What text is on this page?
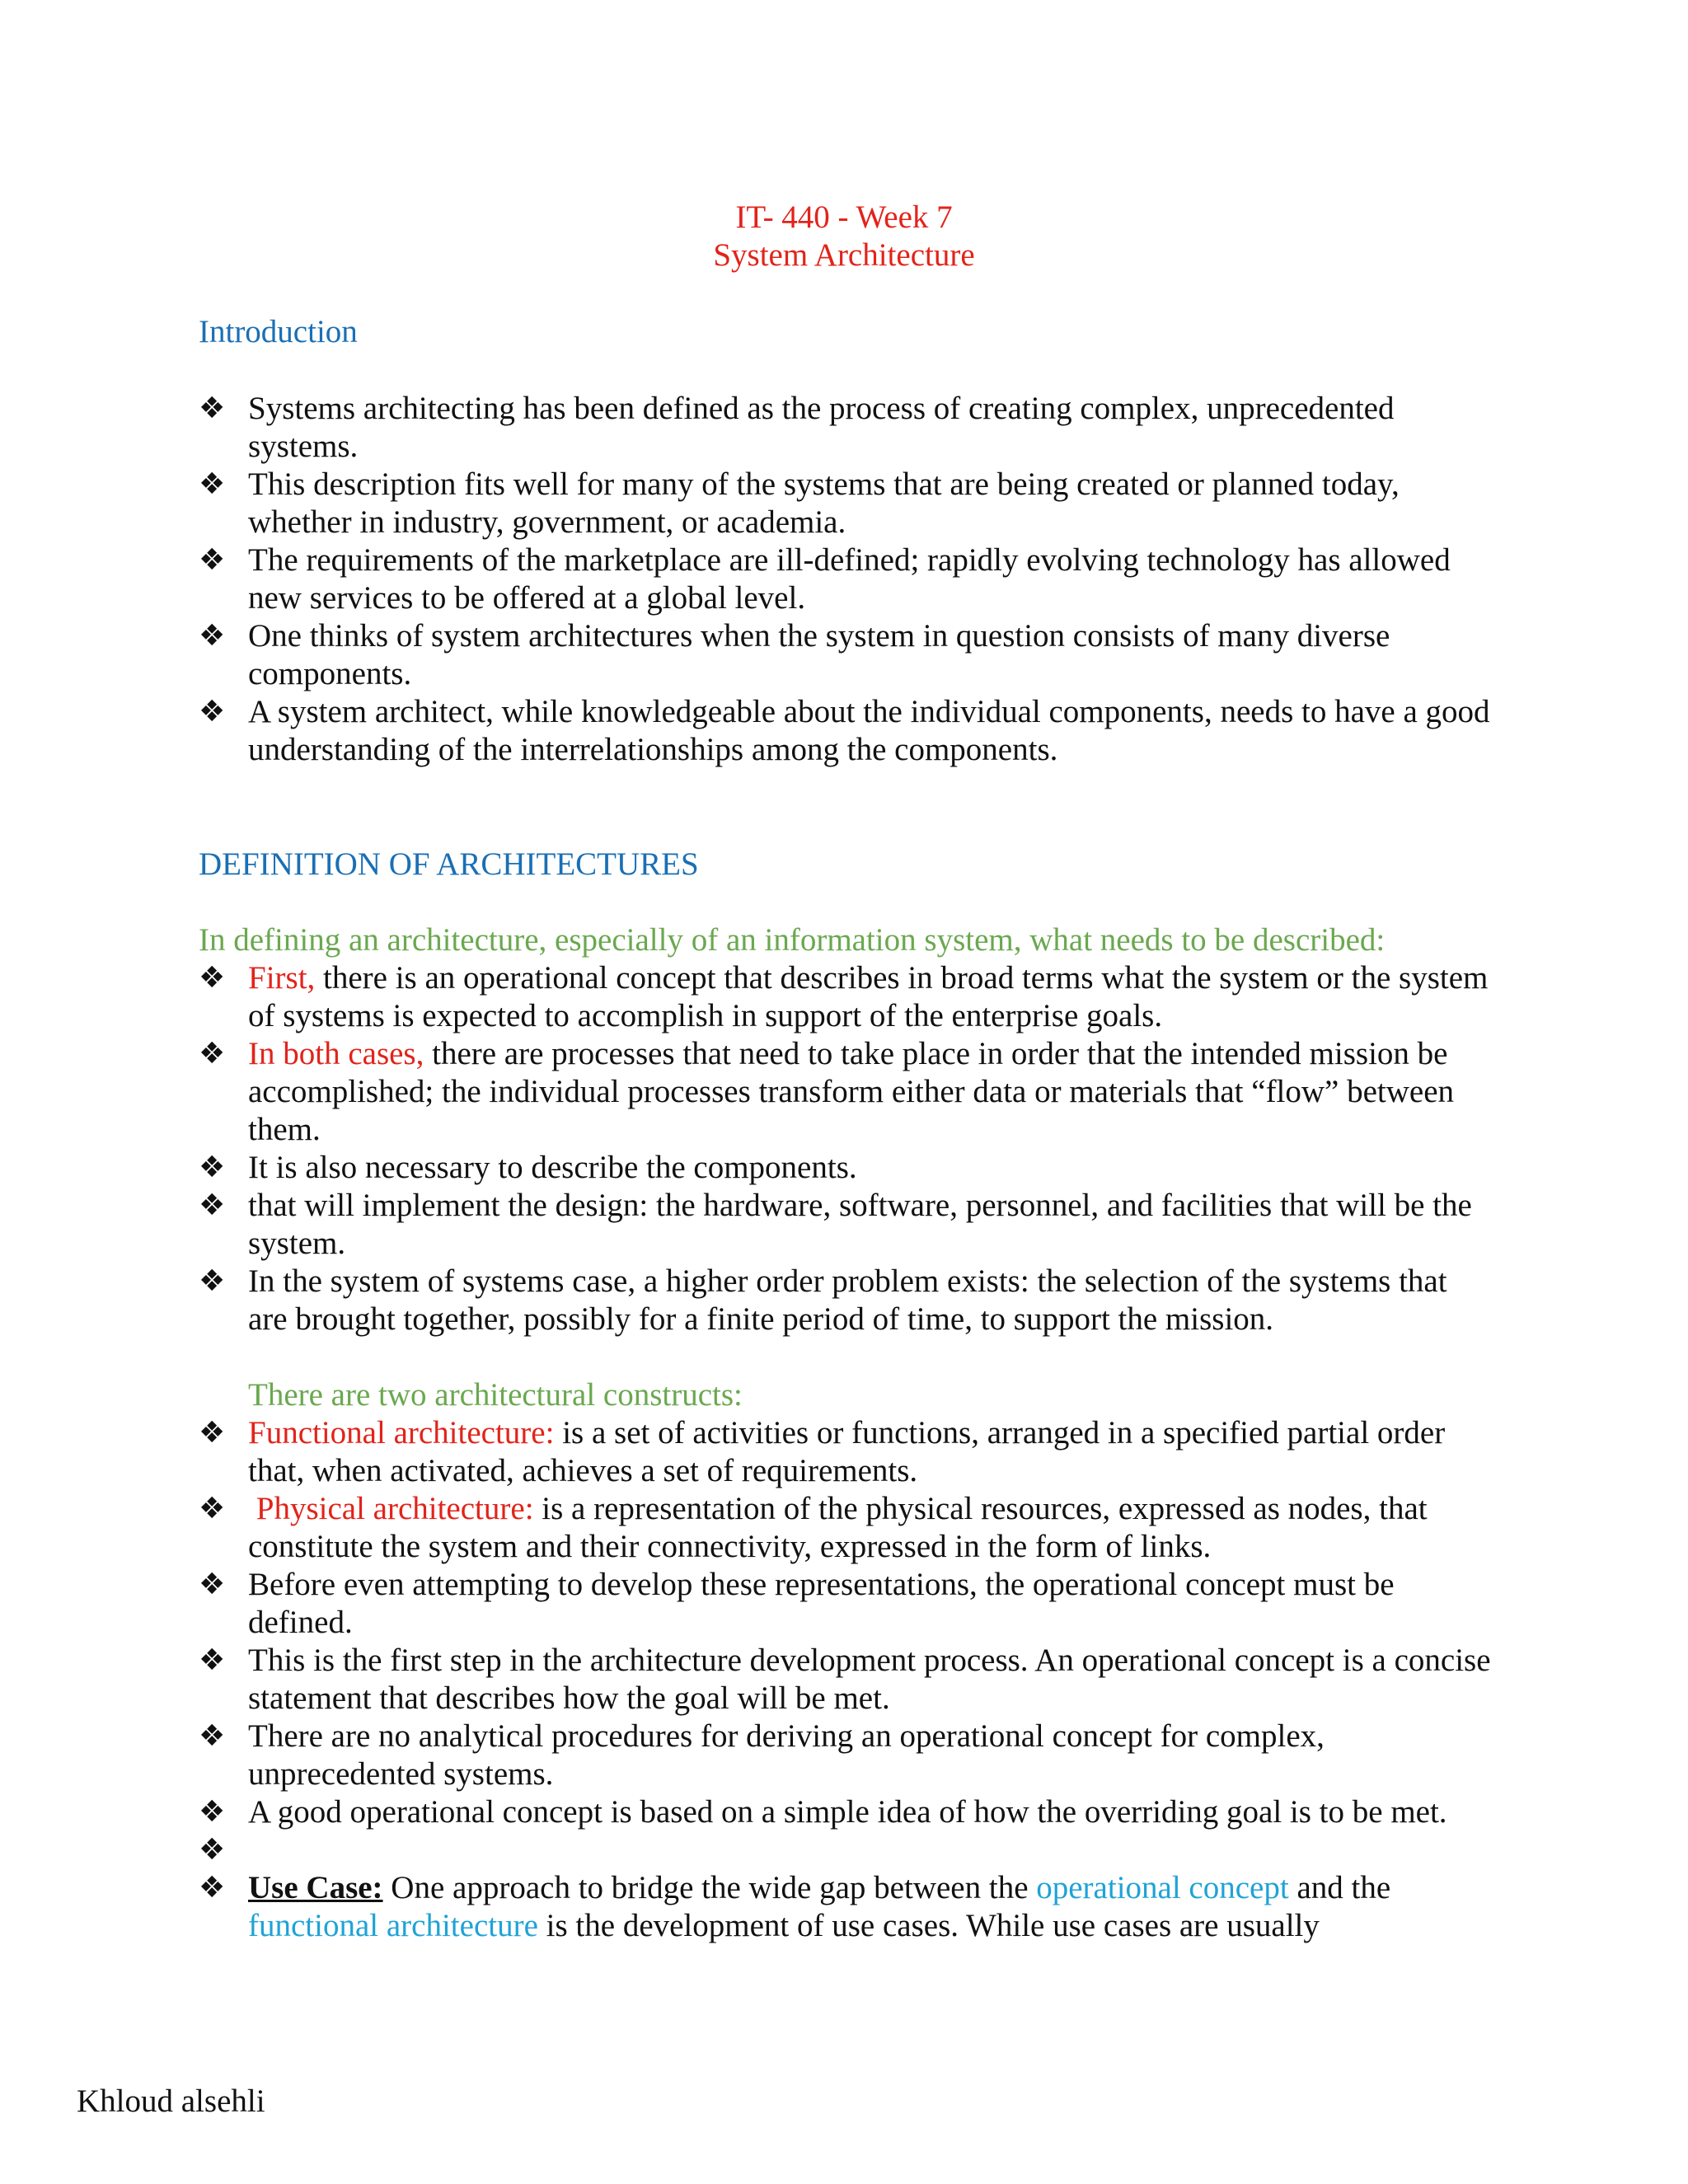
IT- 440 - Week 7
System Architecture
Introduction
❖ Systems architecting has been defined as the process of creating complex, unprecedented systems.
❖ This description fits well for many of the systems that are being created or planned today, whether in industry, government, or academia.
❖ The requirements of the marketplace are ill-defined; rapidly evolving technology has allowed new services to be offered at a global level.
❖ One thinks of system architectures when the system in question consists of many diverse components.
❖ A system architect, while knowledgeable about the individual components, needs to have a good understanding of the interrelationships among the components.
DEFINITION OF ARCHITECTURES
In defining an architecture, especially of an information system, what needs to be described:
❖ First, there is an operational concept that describes in broad terms what the system or the system of systems is expected to accomplish in support of the enterprise goals.
❖ In both cases, there are processes that need to take place in order that the intended mission be accomplished; the individual processes transform either data or materials that “flow” between them.
❖ It is also necessary to describe the components.
❖ that will implement the design: the hardware, software, personnel, and facilities that will be the system.
❖ In the system of systems case, a higher order problem exists: the selection of the systems that are brought together, possibly for a finite period of time, to support the mission.
There are two architectural constructs:
❖ Functional architecture: is a set of activities or functions, arranged in a specified partial order that, when activated, achieves a set of requirements.
❖ Physical architecture: is a representation of the physical resources, expressed as nodes, that constitute the system and their connectivity, expressed in the form of links.
❖ Before even attempting to develop these representations, the operational concept must be defined.
❖ This is the first step in the architecture development process. An operational concept is a concise statement that describes how the goal will be met.
❖ There are no analytical procedures for deriving an operational concept for complex, unprecedented systems.
❖ A good operational concept is based on a simple idea of how the overriding goal is to be met.
❖
❖ Use Case: One approach to bridge the wide gap between the operational concept and the functional architecture is the development of use cases. While use cases are usually
Khloud alsehli
